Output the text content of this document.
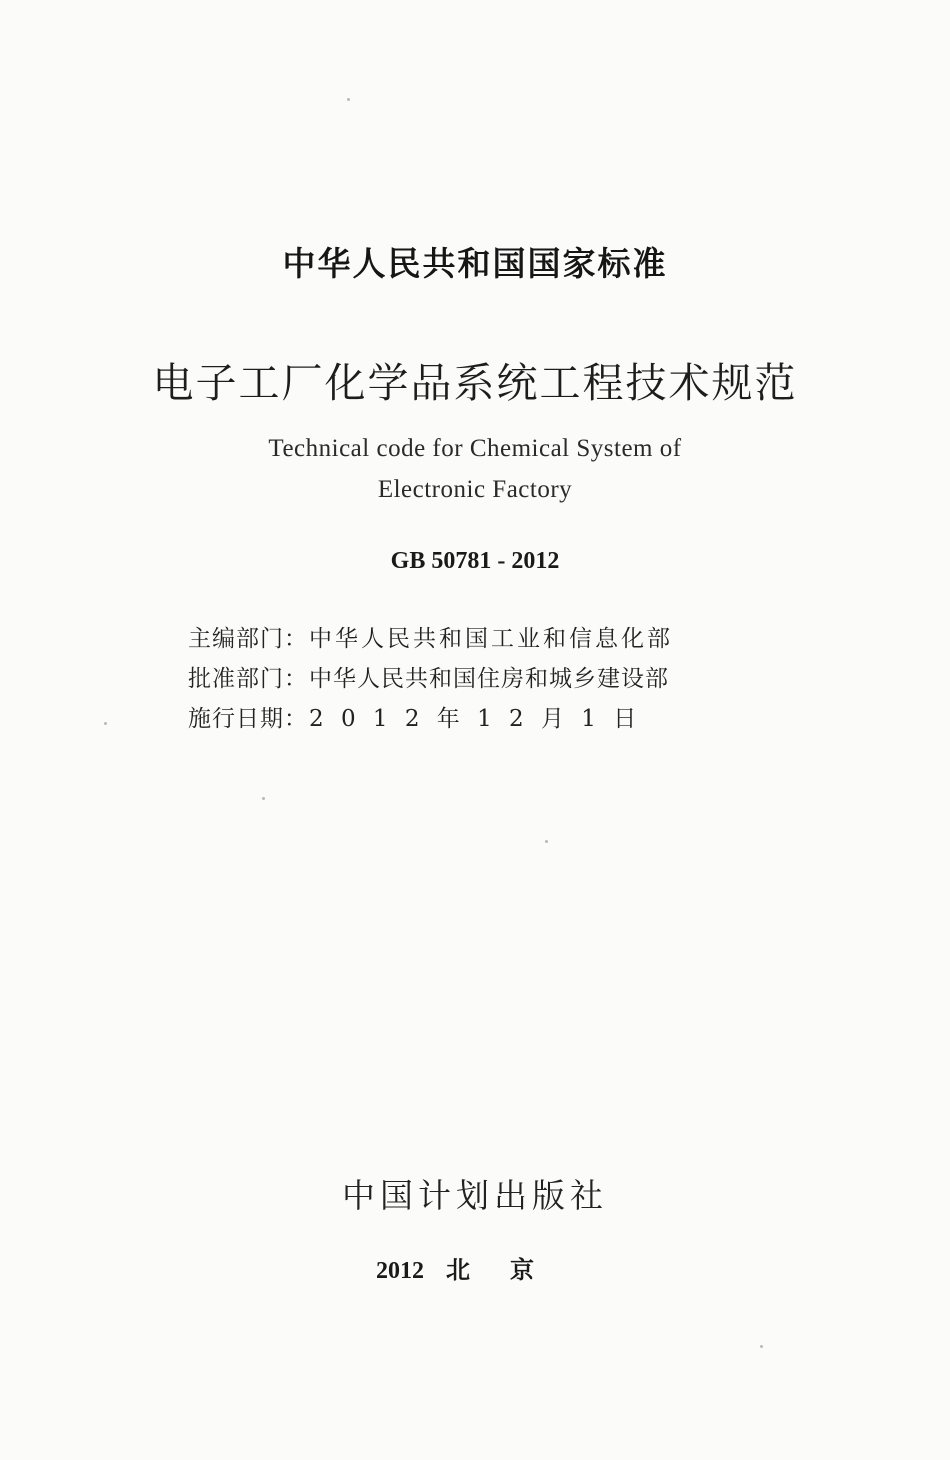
中华人民共和国国家标准
电子工厂化学品系统工程技术规范
Technical code for Chemical System of
Electronic Factory
GB 50781 - 2012
主编部门 ： 中华人民共和国工业和信息化部
批准部门 ： 中华人民共和国住房和城乡建设部
施行日期 ： 2 0 1 2 年 1 2 月 1 日
中国计划出版社
2012 北京
